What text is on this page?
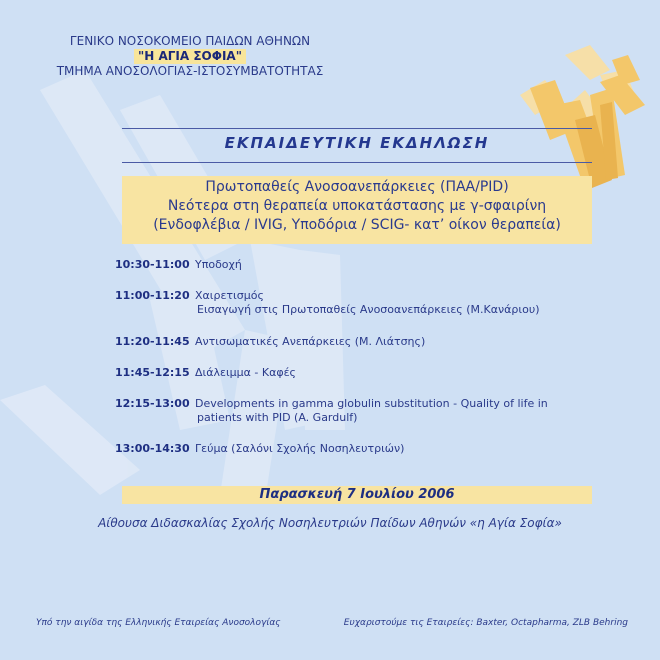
ΓΕΝΙΚΟ ΝΟΣΟΚΟΜΕΙΟ ΠΑΙΔΩΝ ΑΘΗΝΩΝ
"Η ΑΓΙΑ ΣΟΦΙΑ"
ΤΜΗΜΑ ΑΝΟΣΟΛΟΓΙΑΣ-ΙΣΤΟΣΥΜΒΑΤΟΤΗΤΑΣ
ΕΚΠΑΙΔΕΥΤΙΚΗ ΕΚΔΗΛΩΣΗ
Πρωτοπαθείς Ανοσοανεπάρκειες (ΠΑΑ/PID)
Νεότερα στη θεραπεία υποκατάστασης με γ-σφαιρίνη
(Ενδοφλέβια / IVIG, Υποδόρια / SCIG- κατ’ οίκον θεραπεία)
10:30-11:00 Υποδοχή
11:00-11:20 Χαιρετισμός
Εισαγωγή στις Πρωτοπαθείς Ανοσοανεπάρκειες (Μ.Κανάριου)
11:20-11:45 Αντισωματικές Ανεπάρκειες (Μ. Λιάτσης)
11:45-12:15 Διάλειμμα - Καφές
12:15-13:00 Developments in gamma globulin substitution - Quality of life in
patients with PID (A. Gardulf)
13:00-14:30 Γεύμα (Σαλόνι Σχολής Νοσηλευτριών)
Παρασκευή 7 Ιουλίου 2006
Αίθουσα Διδασκαλίας Σχολής Νοσηλευτριών Παίδων Αθηνών «η Αγία Σοφία»
Υπό την αιγίδα της Ελληνικής Εταιρείας Ανοσολογίας	Ευχαριστούμε τις Εταιρείες: Baxter, Octapharma, ZLB Behring
